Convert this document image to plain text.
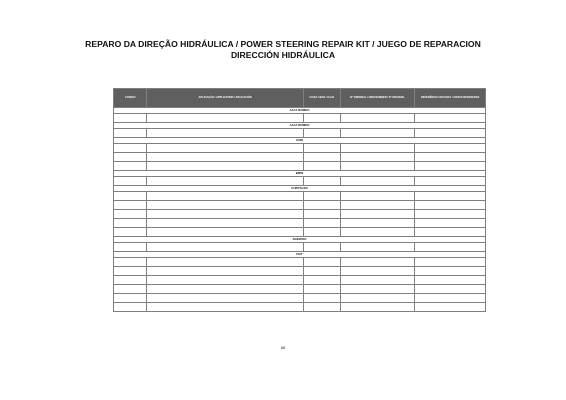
REPARO DA DIREÇÃO HIDRÁULICA / POWER STEERING REPAIR KIT / JUEGO DE REPARACION DIRECCIÓN HIDRÁULICA
CÓDIGO	APLICAÇÃO / APPLICATION / APLICACIÓN	CAIXA / BOX / CAJA	Nº ORIGINAL / OEM NUMBER / Nº ORIGINAL	REFERÊNCIA CRUZADA / CROSS REFERENCE
ALFA ROMEO				

ALFA ROMEO				

AUDI				

BMW				

CHRYSLER				

DAEWOO				

FIAT				

88
